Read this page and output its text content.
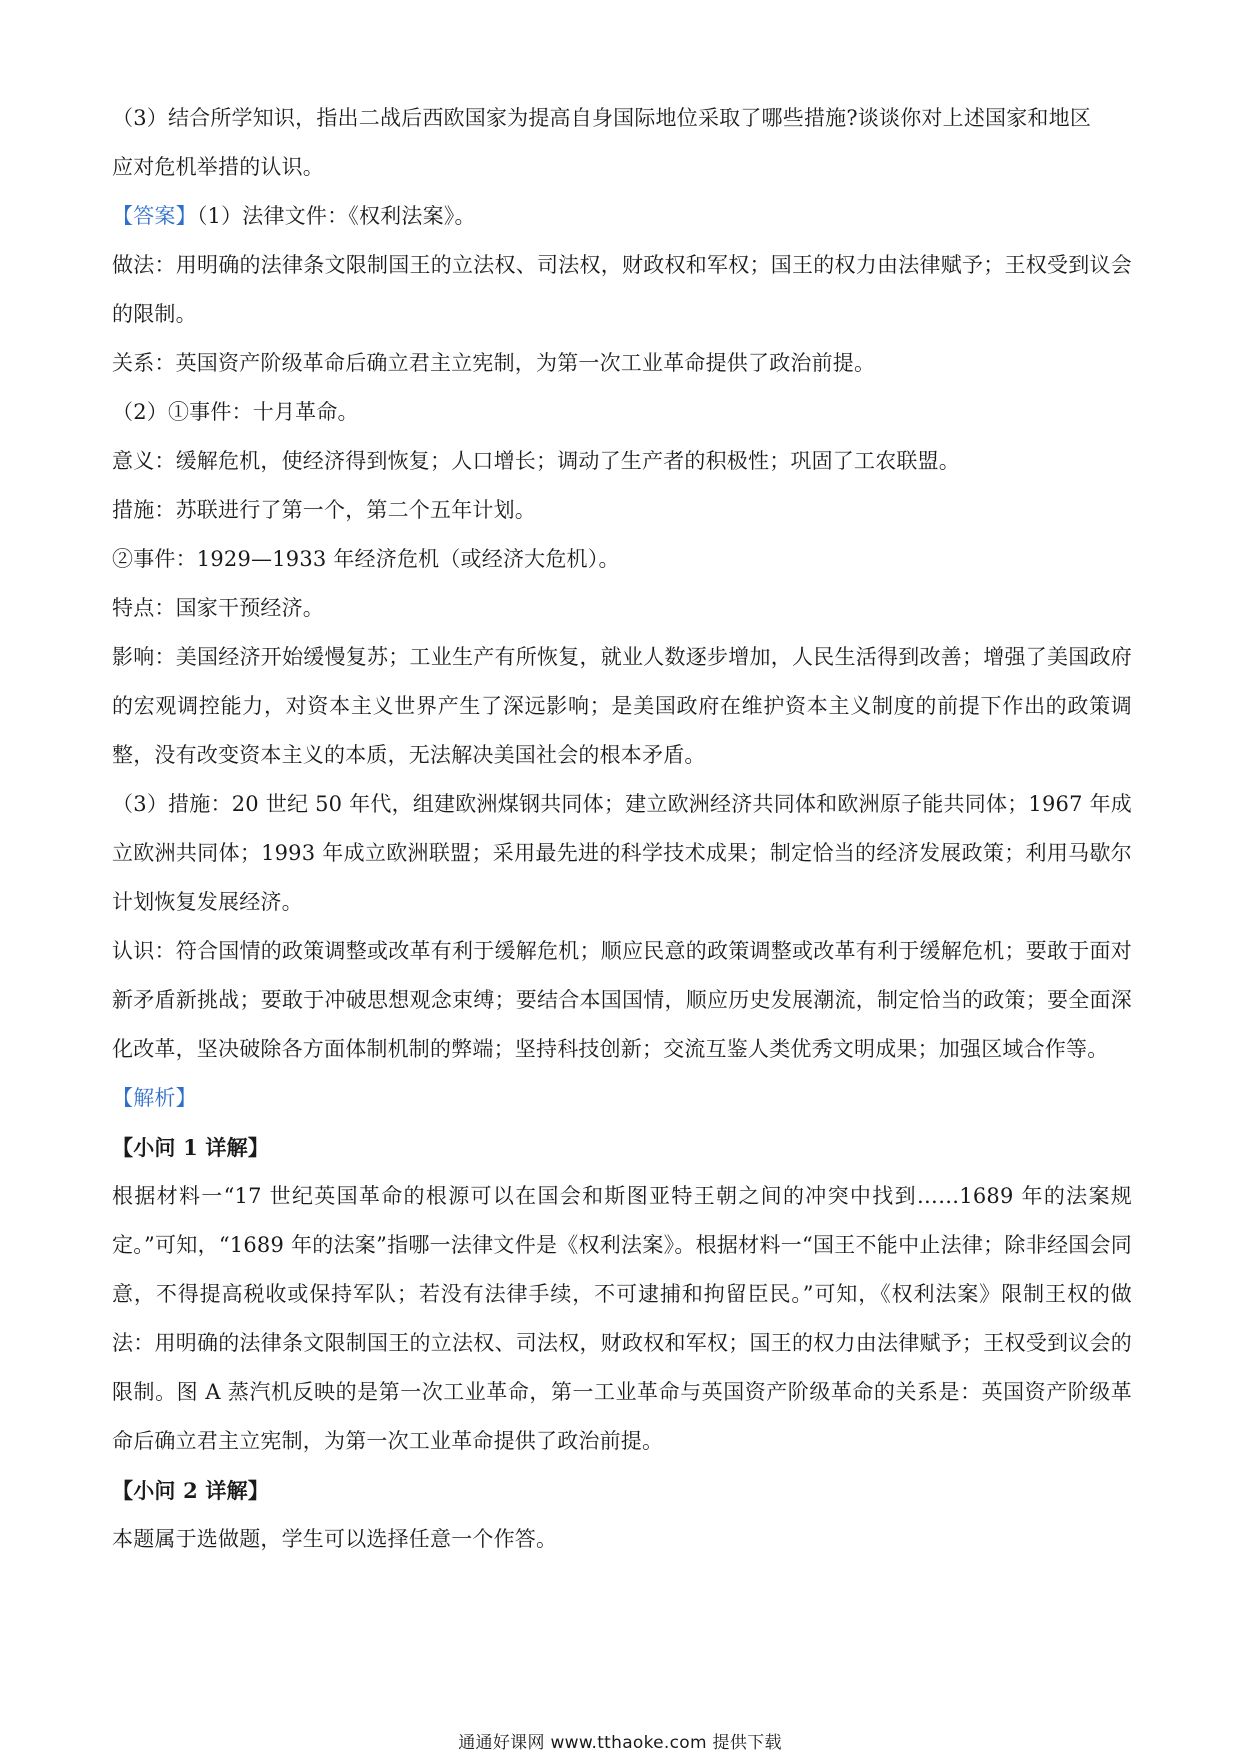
（3）结合所学知识，指出二战后西欧国家为提高自身国际地位采取了哪些措施?谈谈你对上述国家和地区
应对危机举措的认识。
【答案】（1）法律文件：《权利法案》。
做法：用明确的法律条文限制国王的立法权、司法权，财政权和军权；国王的权力由法律赋予；王权受到议会的限制。
关系：英国资产阶级革命后确立君主立宪制，为第一次工业革命提供了政治前提。
（2）①事件：十月革命。
意义：缓解危机，使经济得到恢复；人口增长；调动了生产者的积极性；巩固了工农联盟。
措施：苏联进行了第一个，第二个五年计划。
②事件：1929—1933 年经济危机（或经济大危机）。
特点：国家干预经济。
影响：美国经济开始缓慢复苏；工业生产有所恢复，就业人数逐步增加，人民生活得到改善；增强了美国政府的宏观调控能力，对资本主义世界产生了深远影响；是美国政府在维护资本主义制度的前提下作出的政策调整，没有改变资本主义的本质，无法解决美国社会的根本矛盾。
（3）措施：20 世纪 50 年代，组建欧洲煤钢共同体；建立欧洲经济共同体和欧洲原子能共同体；1967 年成立欧洲共同体；1993 年成立欧洲联盟；采用最先进的科学技术成果；制定恰当的经济发展政策；利用马歇尔计划恢复发展经济。
认识：符合国情的政策调整或改革有利于缓解危机；顺应民意的政策调整或改革有利于缓解危机；要敢于面对新矛盾新挑战；要敢于冲破思想观念束缚；要结合本国国情，顺应历史发展潮流，制定恰当的政策；要全面深化改革，坚决破除各方面体制机制的弊端；坚持科技创新；交流互鉴人类优秀文明成果；加强区域合作等。
【解析】
【小问 1 详解】
根据材料一“17 世纪英国革命的根源可以在国会和斯图亚特王朝之间的冲突中找到……1689 年的法案规定。”可知，“1689 年的法案”指哪一法律文件是《权利法案》。根据材料一“国王不能中止法律；除非经国会同意，不得提高税收或保持军队；若没有法律手续，不可逮捕和拘留臣民。”可知，《权利法案》限制王权的做法：用明确的法律条文限制国王的立法权、司法权，财政权和军权；国王的权力由法律赋予；王权受到议会的限制。图 A 蒸汽机反映的是第一次工业革命，第一工业革命与英国资产阶级革命的关系是：英国资产阶级革命后确立君主立宪制，为第一次工业革命提供了政治前提。
【小问 2 详解】
本题属于选做题，学生可以选择任意一个作答。
通通好课网 www.tthaoke.com 提供下载
